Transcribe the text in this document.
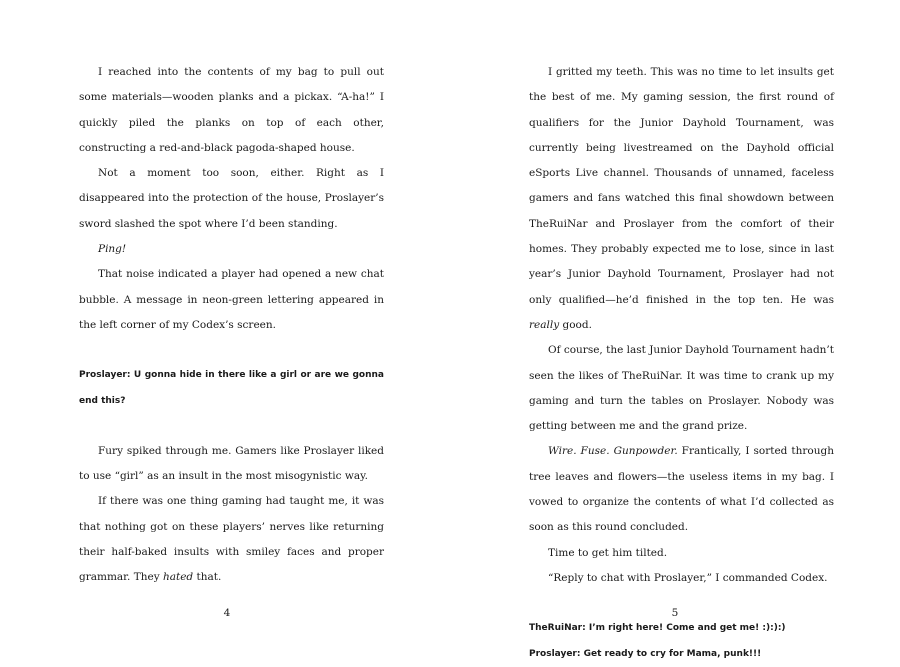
I reached into the contents of my bag to pull out some materials—wooden planks and a pickax. “A-ha!” I quickly piled the planks on top of each other, constructing a red-and-black pagoda-shaped house.

Not a moment too soon, either. Right as I disappeared into the protection of the house, Proslayer’s sword slashed the spot where I’d been standing.

Ping!

That noise indicated a player had opened a new chat bubble. A message in neon-green lettering appeared in the left corner of my Codex’s screen.

Proslayer: U gonna hide in there like a girl or are we gonna end this?

Fury spiked through me. Gamers like Proslayer liked to use “girl” as an insult in the most misogynistic way.

If there was one thing gaming had taught me, it was that nothing got on these players’ nerves like returning their half-baked insults with smiley faces and proper grammar. They hated that.

4

I gritted my teeth. This was no time to let insults get the best of me. My gaming session, the first round of qualifiers for the Junior Dayhold Tournament, was currently being livestreamed on the Dayhold official eSports Live channel. Thousands of unnamed, faceless gamers and fans watched this final showdown between TheRuiNar and Proslayer from the comfort of their homes. They probably expected me to lose, since in last year’s Junior Dayhold Tournament, Proslayer had not only qualified—he’d finished in the top ten. He was really good.

Of course, the last Junior Dayhold Tournament hadn’t seen the likes of TheRuiNar. It was time to crank up my gaming and turn the tables on Proslayer. Nobody was getting between me and the grand prize.

Wire. Fuse. Gunpowder. Frantically, I sorted through tree leaves and flowers—the useless items in my bag. I vowed to organize the contents of what I’d collected as soon as this round concluded.

Time to get him tilted.

“Reply to chat with Proslayer,” I commanded Codex.

TheRuiNar: I’m right here! Come and get me! :):):)

Proslayer: Get ready to cry for Mama, punk!!!

5
